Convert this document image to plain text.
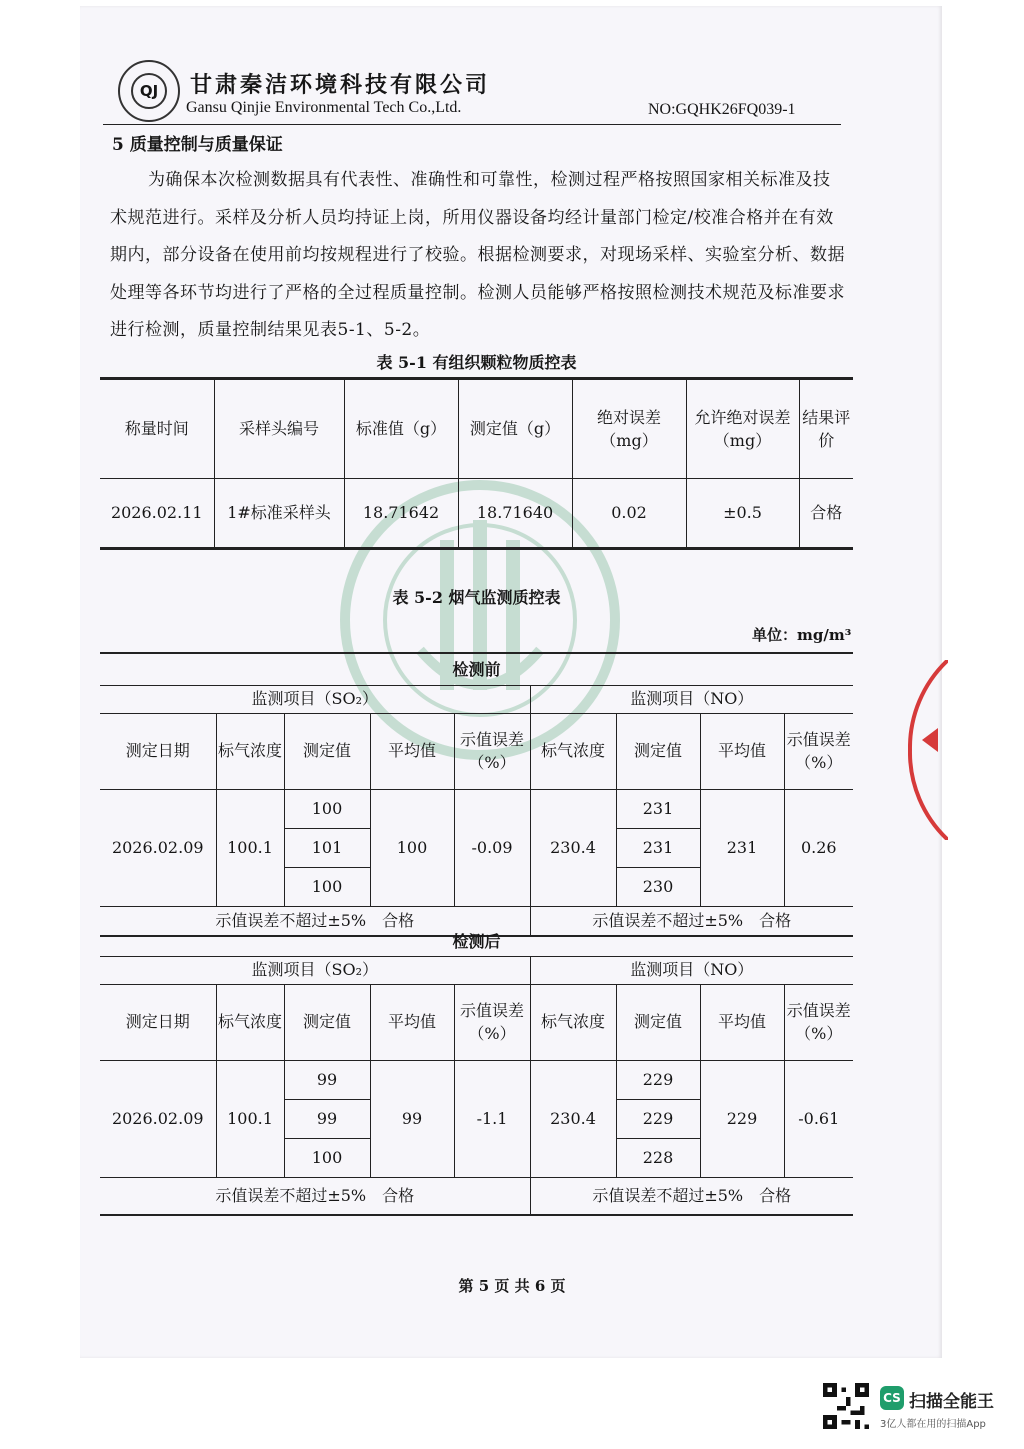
QJ	甘肃秦洁环境科技有限公司
Gansu Qinjie Environmental Tech Co.,Ltd.	NO:GQHK26FQ039-1
5 质量控制与质量保证
为确保本次检测数据具有代表性、准确性和可靠性，检测过程严格按照国家相关标准及技术规范进行。采样及分析人员均持证上岗，所用仪器设备均经计量部门检定/校准合格并在有效期内，部分设备在使用前均按规程进行了校验。根据检测要求，对现场采样、实验室分析、数据处理等各环节均进行了严格的全过程质量控制。检测人员能够严格按照检测技术规范及标准要求进行检测，质量控制结果见表5-1、5-2。
表 5-1 有组织颗粒物质控表
称量时间	采样头编号	标准值（g）	测定值（g）	绝对误差（mg）	允许绝对误差（mg）	结果评价
2026.02.11	1#标准采样头	18.71642	18.71640	0.02	±0.5	合格
表 5-2 烟气监测质控表
单位：mg/m³
检测前								
监测项目（SO₂）					监测项目（NO）			
测定日期	标气浓度	测定值	平均值	示值误差（%）	标气浓度	测定值	平均值	示值误差（%）
2026.02.09	100.1	100	100	-0.09	230.4	231	231	0.26
		101				231		
		100				230		
示值误差不超过±5%　合格					示值误差不超过±5%　合格			
检测后								
监测项目（SO₂）					监测项目（NO）			
测定日期	标气浓度	测定值	平均值	示值误差（%）	标气浓度	测定值	平均值	示值误差（%）
2026.02.09	100.1	99	99	-1.1	230.4	229	229	-0.61
		99				229		
		100				228		
示值误差不超过±5%　合格					示值误差不超过±5%　合格			
第 5 页 共 6 页
CS 扫描全能王
3亿人都在用的扫描App
